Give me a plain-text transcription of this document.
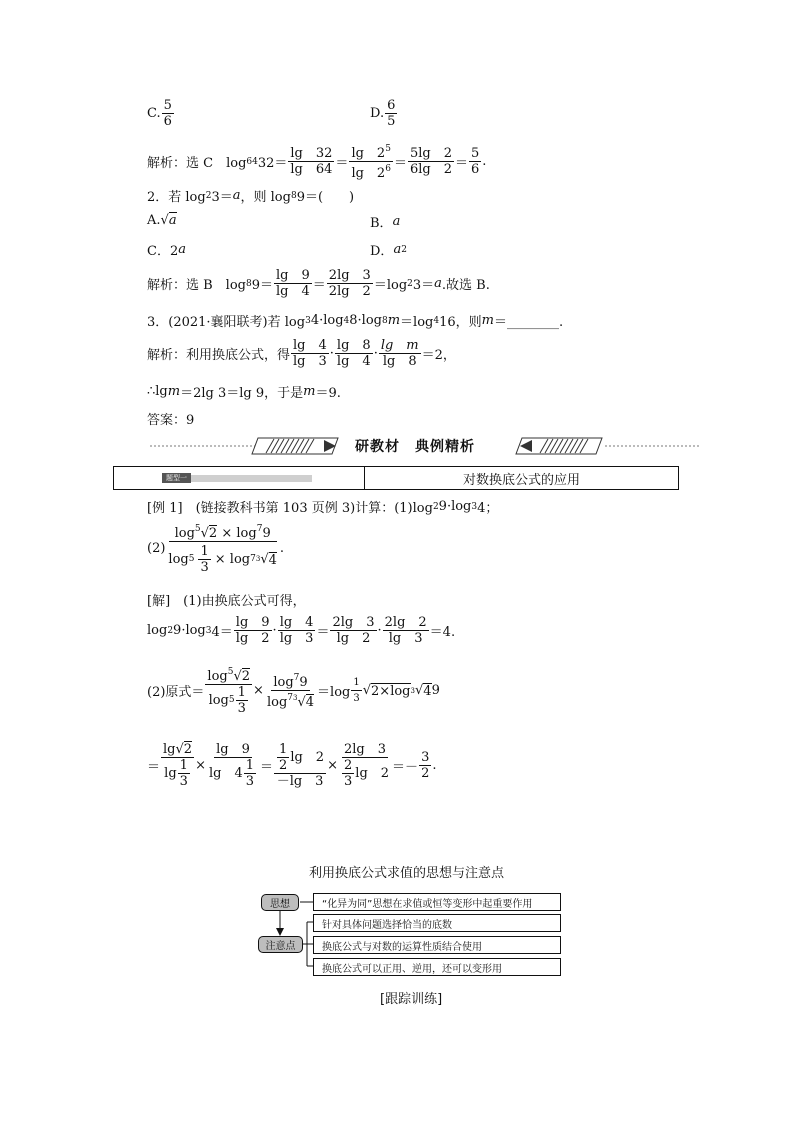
C. $\frac{5}{6}$	D. $\frac{6}{5}$
解析：选 C　log 64 $32= \frac{\lg 32}{\lg 64} = \frac{\lg 2^5}{\lg 2^6} = \frac{5\lg 2}{6\lg 2} = \frac{5}{6}$ .
2．若 log 2 3＝ a ，则 log 8 9＝(　　)
A. √ a	B． a
C．2 a	D． a 2
解析：选 B　log 8 $9= \frac{\lg 9}{\lg 4} = \frac{2\lg 3}{2\lg 2} =\log$ 2 3＝ a .故选 B.
3．(2021·襄阳联考)若 log 3 4·log 4 8·log 8 m ＝log 4 16，则 m ＝________.
解析：利用换底公式，得 $\frac{\lg 4}{\lg 3} \cdot \frac{\lg 8}{\lg 4} \cdot \frac{\text{lg　m}}{\lg 8} =2$，
∴lg m ＝2lg 3＝lg 9，于是 m ＝9.
答案：9
研教材　 典例精析
题型一	对数换底公式的应用
[例 1]
　 (链接教科书第 103 页例 3)计算：(1)log 2 9·log 3 4；
(2) $\log^5√2 \times \log^79$
$\log 5 \frac{1}{3}$ ×
log 7 3 √ 4 .
[解]
　 (1)由换底公式可得，
log 2 9·log 3 $4= \frac{\lg 9}{\lg 2} \cdot \frac{\lg 4}{\lg 3} = \frac{2\lg 3}{\lg 2} \cdot \frac{2\lg 2}{\lg 3} =4$.
(2)原式＝ $\frac{\log^5√2}{\log 5 \frac{1}{3}} \times \frac{\log^79}{\log^{73}√4} =\log \frac{1}{3}$ √ 2×log 3 √ 4 9
＝ $\frac{\lg√2}{\lg \frac{1}{3}} \times \frac{\lg 9}{\lg 4 \frac{1}{3}} = \frac{\frac{1}{2} \lg 2}{-\lg 3} \times \frac{2\lg 3}{\frac{2}{3} \lg 2} =- \frac{3}{2}$ .
利用换底公式求值的思想与注意点
思想
注意点
“化异为同”思想在求值或恒等变形中起重要作用
针对具体问题选择恰当的底数
换底公式与对数的运算性质结合使用
换底公式可以正用、逆用，还可以变形用
[跟踪训练]
